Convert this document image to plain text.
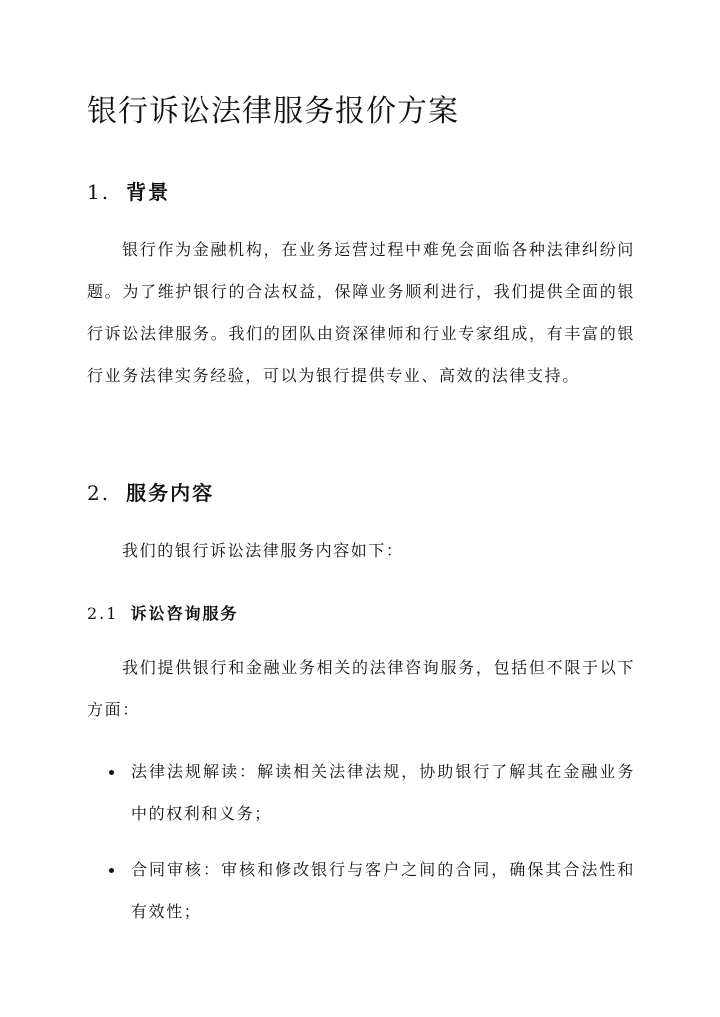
银行诉讼法律服务报价方案
1. 背景

银行作为金融机构，在业务运营过程中难免会面临各种法律纠纷问题。为了维护银行的合法权益，保障业务顺利进行，我们提供全面的银行诉讼法律服务。我们的团队由资深律师和行业专家组成，有丰富的银行业务法律实务经验，可以为银行提供专业、高效的法律支持。

2. 服务内容

我们的银行诉讼法律服务内容如下：

2.1 诉讼咨询服务

我们提供银行和金融业务相关的法律咨询服务，包括但不限于以下方面：

法律法规解读：解读相关法律法规，协助银行了解其在金融业务中的权利和义务；
合同审核：审核和修改银行与客户之间的合同，确保其合法性和有效性；
